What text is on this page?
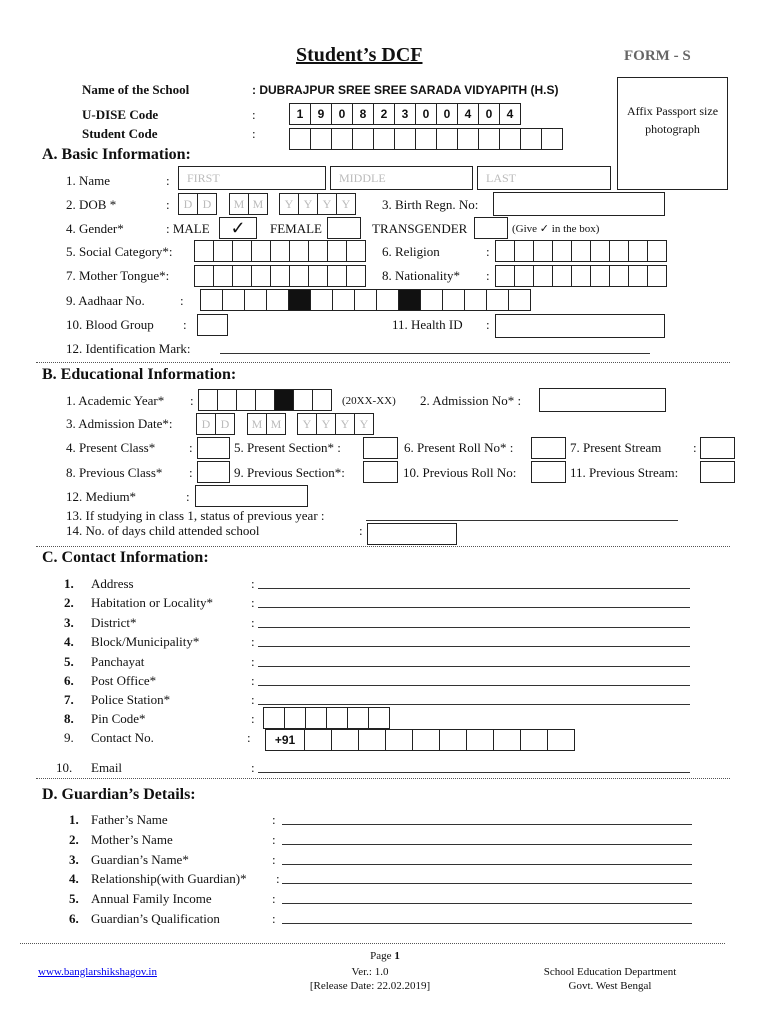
Student’s DCF	FORM - S
Name of the School	: DUBRAJPUR SREE SREE SARADA VIDYAPITH (H.S)
U-DISE Code	:	1	9	0	8	2	3	0	0	4	0	4
Student Code	:
Affix Passport size photograph
A. Basic Information:
1. Name	:	FIRST	MIDDLE	LAST
2. DOB *	:	D D	M M	Y Y Y Y	3. Birth Regn. No:
4. Gender*	: MALE	✓	FEMALE	TRANSGENDER	(Give ✓ in the box)
5. Social Category*:	6. Religion	:
7. Mother Tongue*:	8. Nationality* :
9. Aadhaar No.	:
10. Blood Group :	11. Health ID :
12. Identification Mark:
B. Educational Information:
1. Academic Year* :	(20XX-XX) 2. Admission No* :
3. Admission Date*:	D D	M M	Y Y Y Y
4. Present Class*	:	5. Present Section* :	6. Present Roll No* :	7. Present Stream :
8. Previous Class* :	9. Previous Section*:	10. Previous Roll No:	11. Previous Stream:
12. Medium*	:
13. If studying in class 1, status of previous year :
14. No. of days child attended school	:
C. Contact Information:
1. Address	:
2. Habitation or Locality*	:
3. District*	:
4. Block/Municipality*	:
5. Panchayat	:
6. Post Office*	:
7. Police Station*	:
8. Pin Code*	:
9. Contact No.	:	+91
10. Email	:
D. Guardian’s Details:
1. Father’s Name	:
2. Mother’s Name	:
3. Guardian’s Name*	:
4. Relationship(with Guardian)* :
5. Annual Family Income	:
6. Guardian’s Qualification	:
Page 1
www.banglarshikshagov.in	Ver.: 1.0
[Release Date: 22.02.2019]
School Education Department
Govt. West Bengal
